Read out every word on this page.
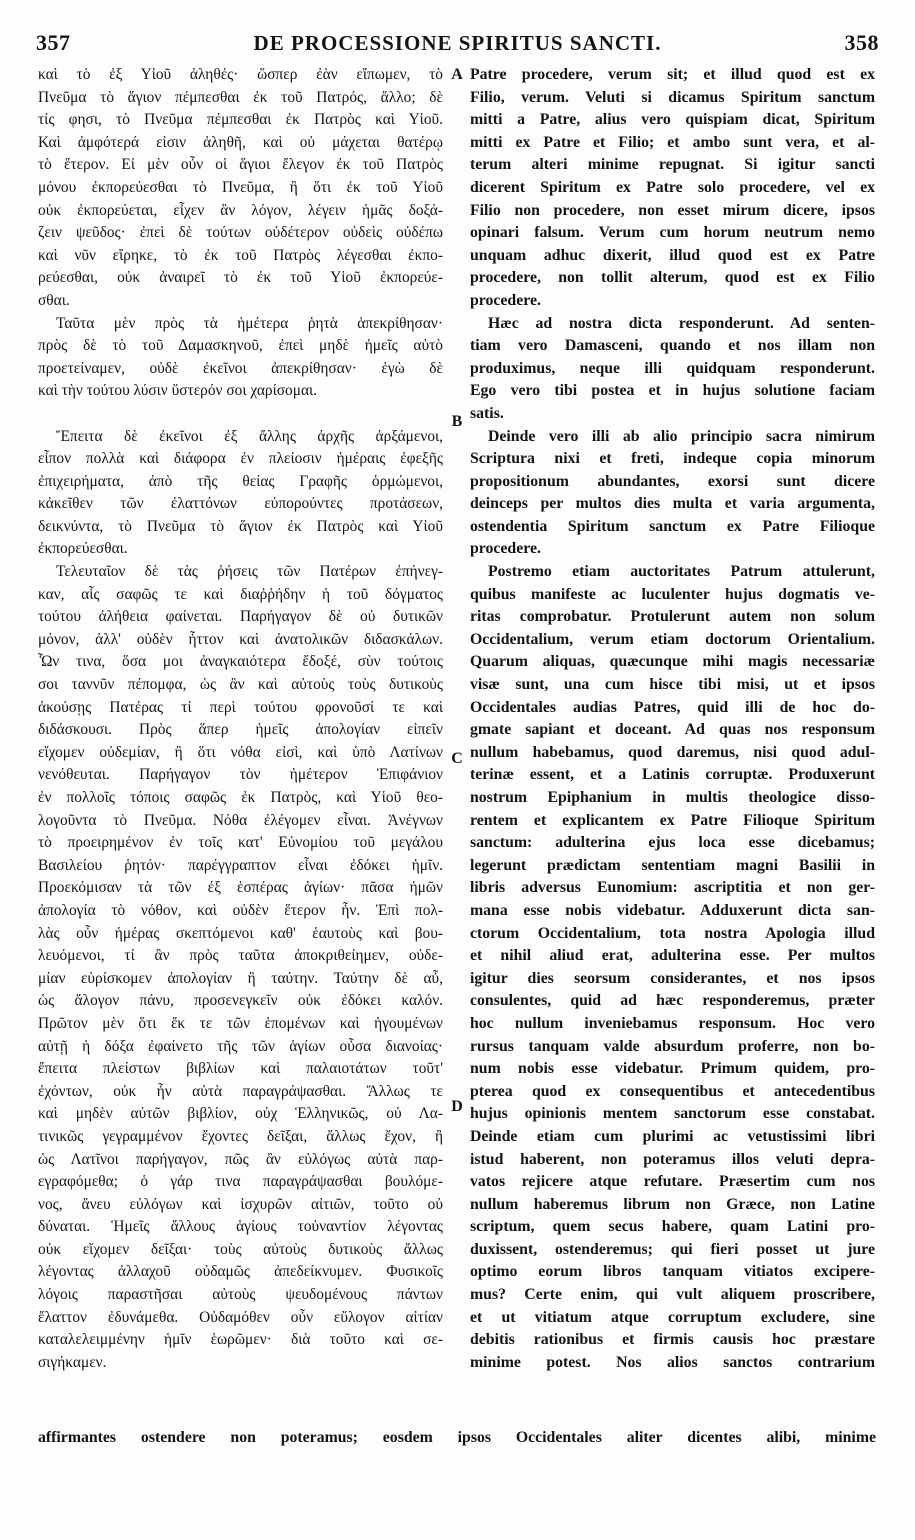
357	DE PROCESSIONE SPIRITUS SANCTI.	358
καὶ τὸ ἐξ Υἱοῦ ἀληθές· ὥσπερ ἐὰν εἴπωμεν, τὸ
Πνεῦμα τὸ ἅγιον πέμπεσθαι ἐκ τοῦ Πατρός, ἄλλο; δὲ
τίς φησι, τὸ Πνεῦμα πέμπεσθαι ἐκ Πατρὸς καὶ Υἱοῦ.
Καὶ ἀμφότερά εἰσιν ἀληθῆ, καὶ οὐ μάχεται θατέρῳ
τὸ ἕτερον. Εἰ μὲν οὖν οἱ ἅγιοι ἔλεγον ἐκ τοῦ Πατρὸς
μόνου ἐκπορεύεσθαι τὸ Πνεῦμα, ἢ ὅτι ἐκ τοῦ Υἱοῦ
οὐκ ἐκπορεύεται, εἶχεν ἂν λόγον, λέγειν ἡμᾶς δοξά-
ζειν ψεῦδος· ἐπεὶ δὲ τούτων οὐδέτερον οὐδεὶς οὐδέπω
καὶ νῦν εἴρηκε, τὸ ἐκ τοῦ Πατρὸς λέγεσθαι ἐκπο-
ρεύεσθαι, οὐκ ἀναιρεῖ τὸ ἐκ τοῦ Υἱοῦ ἐκπορεύε-
σθαι.
Ταῦτα μὲν πρὸς τὰ ἡμέτερα ῥητὰ ἀπεκρίθησαν·
πρὸς δὲ τὸ τοῦ Δαμασκηνοῦ, ἐπεὶ μηδὲ ἡμεῖς αὐτὸ
προετείναμεν, οὐδὲ ἐκεῖνοι ἀπεκρίθησαν· ἐγὼ δὲ
καὶ τὴν τούτου λύσιν ὕστερόν σοι χαρίσομαι.
Ἔπειτα δὲ ἐκεῖνοι ἐξ ἄλλης ἀρχῆς ἀρξάμενοι,
εἶπον πολλὰ καὶ διάφορα ἐν πλείοσιν ἡμέραις ἐφεξῆς
ἐπιχειρήματα, ἀπὸ τῆς θείας Γραφῆς ὁρμώμενοι,
κἀκεῖθεν τῶν ἐλαττόνων εὐπορούντες προτάσεων,
δεικνύντα, τὸ Πνεῦμα τὸ ἅγιον ἐκ Πατρὸς καὶ Υἱοῦ
ἐκπορεύεσθαι.
Τελευταῖον δὲ τὰς ῥήσεις τῶν Πατέρων ἐπήνεγ-
καν, αἷς σαφῶς τε καὶ διαῤῥήδην ἡ τοῦ δόγματος
τούτου ἀλήθεια φαίνεται. Παρήγαγον δὲ οὐ δυτικῶν
μόνον, ἀλλ' οὐδὲν ἧττον καὶ ἀνατολικῶν διδασκάλων.
Ὧν τινα, ὅσα μοι ἀναγκαιότερα ἔδοξέ, σὺν τούτοις
σοι ταννῦν πέπομφα, ὡς ἂν καὶ αὐτοὺς τοὺς δυτικοὺς
ἀκούσῃς Πατέρας τί περὶ τούτου φρονοῦσί τε καὶ
διδάσκουσι. Πρὸς ἅπερ ἡμεῖς ἀπολογίαν εἰπεῖν
εἴχομεν οὐδεμίαν, ἢ ὅτι νόθα εἰσὶ, καὶ ὑπὸ Λατίνων
νενόθευται. Παρήγαγον τὸν ἡμέτερον Ἐπιφάνιον
ἐν πολλοῖς τόποις σαφῶς ἐκ Πατρὸς, καὶ Υἱοῦ θεο-
λογοῦντα τὸ Πνεῦμα. Νόθα ἐλέγομεν εἶναι. Ἀνέγνων
τὸ προειρημένον ἐν τοῖς κατ' Εὐνομίου τοῦ μεγάλου
Βασιλείου ῥητόν· παρέγγραπτον εἶναι ἐδόκει ἡμῖν.
Προεκόμισαν τὰ τῶν ἐξ ἑσπέρας ἁγίων· πᾶσα ἡμῶν
ἀπολογία τὸ νόθον, καὶ οὐδὲν ἕτερον ἦν. Ἐπὶ πολ-
λὰς οὖν ἡμέρας σκεπτόμενοι καθ' ἑαυτοὺς καὶ βου-
λευόμενοι, τί ἂν πρὸς ταῦτα ἀποκριθείημεν, οὐδε-
μίαν εὑρίσκομεν ἀπολογίαν ἢ ταύτην. Ταύτην δὲ αὖ,
ὡς ἄλογον πάνυ, προσενεγκεῖν οὐκ ἐδόκει καλόν.
Πρῶτον μὲν ὅτι ἔκ τε τῶν ἑπομένων καὶ ἡγουμένων
αὐτῇ ἡ δόξα ἐφαίνετο τῆς τῶν ἁγίων οὖσα διανοίας·
ἔπειτα πλείστων βιβλίων καὶ παλαιοτάτων τοῦτ'
ἐχόντων, οὐκ ἦν αὐτὰ παραγράψασθαι. Ἄλλως τε
καὶ μηδὲν αὐτῶν βιβλίον, οὐχ Ἑλληνικῶς, οὐ Λα-
τινικῶς γεγραμμένον ἔχοντες δεῖξαι, ἄλλως ἔχον, ἢ
ὡς Λατῖνοι παρήγαγον, πῶς ἂν εὐλόγως αὐτὰ παρ-
εγραφόμεθα; ὁ γάρ τινα παραγράψασθαι βουλόμε-
νος, ἄνευ εὐλόγων καὶ ἰσχυρῶν αἰτιῶν, τοῦτο οὐ
δύναται. Ἡμεῖς ἄλλους ἁγίους τοὐναντίον λέγοντας
οὐκ εἴχομεν δεῖξαι· τοὺς αὐτοὺς δυτικοὺς ἄλλως
λέγοντας ἀλλαχοῦ οὐδαμῶς ἀπεδείκνυμεν. Φυσικοῖς
λόγοις παραστῆσαι αὐτοὺς ψευδομένους πάντων
ἔλαττον ἐδυνάμεθα. Οὐδαμόθεν οὖν εὔλογον αἰτίαν
καταλελειμμένην ἡμῖν ἑωρῶμεν· διὰ τοῦτο καὶ σε-
σιγήκαμεν.
Patre procedere, verum sit; et illud quod est ex
Filio, verum. Veluti si dicamus Spiritum sanctum
mitti a Patre, alius vero quispiam dicat, Spiritum
mitti ex Patre et Filio; et ambo sunt vera, et al-
terum alteri minime repugnat. Si igitur sancti
dicerent Spiritum ex Patre solo procedere, vel ex
Filio non procedere, non esset mirum dicere, ipsos
opinari falsum. Verum cum horum neutrum nemo
unquam adhuc dixerit, illud quod est ex Patre
procedere, non tollit alterum, quod est ex Filio
procedere.
Hæc ad nostra dicta responderunt. Ad senten-
tiam vero Damasceni, quando et nos illam non
produximus, neque illi quidquam responderunt.
Ego vero tibi postea et in hujus solutione faciam
satis.
Deinde vero illi ab alio principio sacra nimirum
Scriptura nixi et freti, indeque copia minorum
propositionum abundantes, exorsi sunt dicere
deinceps per multos dies multa et varia argumenta,
ostendentia Spiritum sanctum ex Patre Filioque
procedere.
Postremo etiam auctoritates Patrum attulerunt,
quibus manifeste ac luculenter hujus dogmatis ve-
ritas comprobatur. Protulerunt autem non solum
Occidentalium, verum etiam doctorum Orientalium.
Quarum aliquas, quæcunque mihi magis necessariæ
visæ sunt, una cum hisce tibi misi, ut et ipsos
Occidentales audias Patres, quid illi de hoc do-
gmate sapiant et doceant. Ad quas nos responsum
nullum habebamus, quod daremus, nisi quod adul-
terinæ essent, et a Latinis corruptæ. Produxerunt
nostrum Epiphanium in multis theologice disso-
rentem et explicantem ex Patre Filioque Spiritum
sanctum: adulterina ejus loca esse dicebamus;
legerunt prædictam sententiam magni Basilii in
libris adversus Eunomium: ascriptitia et non ger-
mana esse nobis videbatur. Adduxerunt dicta san-
ctorum Occidentalium, tota nostra Apologia illud
et nihil aliud erat, adulterina esse. Per multos
igitur dies seorsum considerantes, et nos ipsos
consulentes, quid ad hæc responderemus, præter
hoc nullum inveniebamus responsum. Hoc vero
rursus tanquam valde absurdum proferre, non bo-
num nobis esse videbatur. Primum quidem, pro-
pterea quod ex consequentibus et antecedentibus
hujus opinionis mentem sanctorum esse constabat.
Deinde etiam cum plurimi ac vetustissimi libri
istud haberent, non poteramus illos veluti depra-
vatos rejicere atque refutare. Præsertim cum nos
nullum haberemus librum non Græce, non Latine
scriptum, quem secus habere, quam Latini pro-
duxissent, ostenderemus; qui fieri posset ut jure
optimo eorum libros tanquam vitiatos excipere-
mus? Certe enim, qui vult aliquem proscribere,
et ut vitiatum atque corruptum excludere, sine
debitis rationibus et firmis causis hoc præstare
minime potest. Nos alios sanctos contrarium
A
B
C
D
affirmantes ostendere non poteramus; eosdem ipsos Occidentales aliter dicentes alibi, minime
